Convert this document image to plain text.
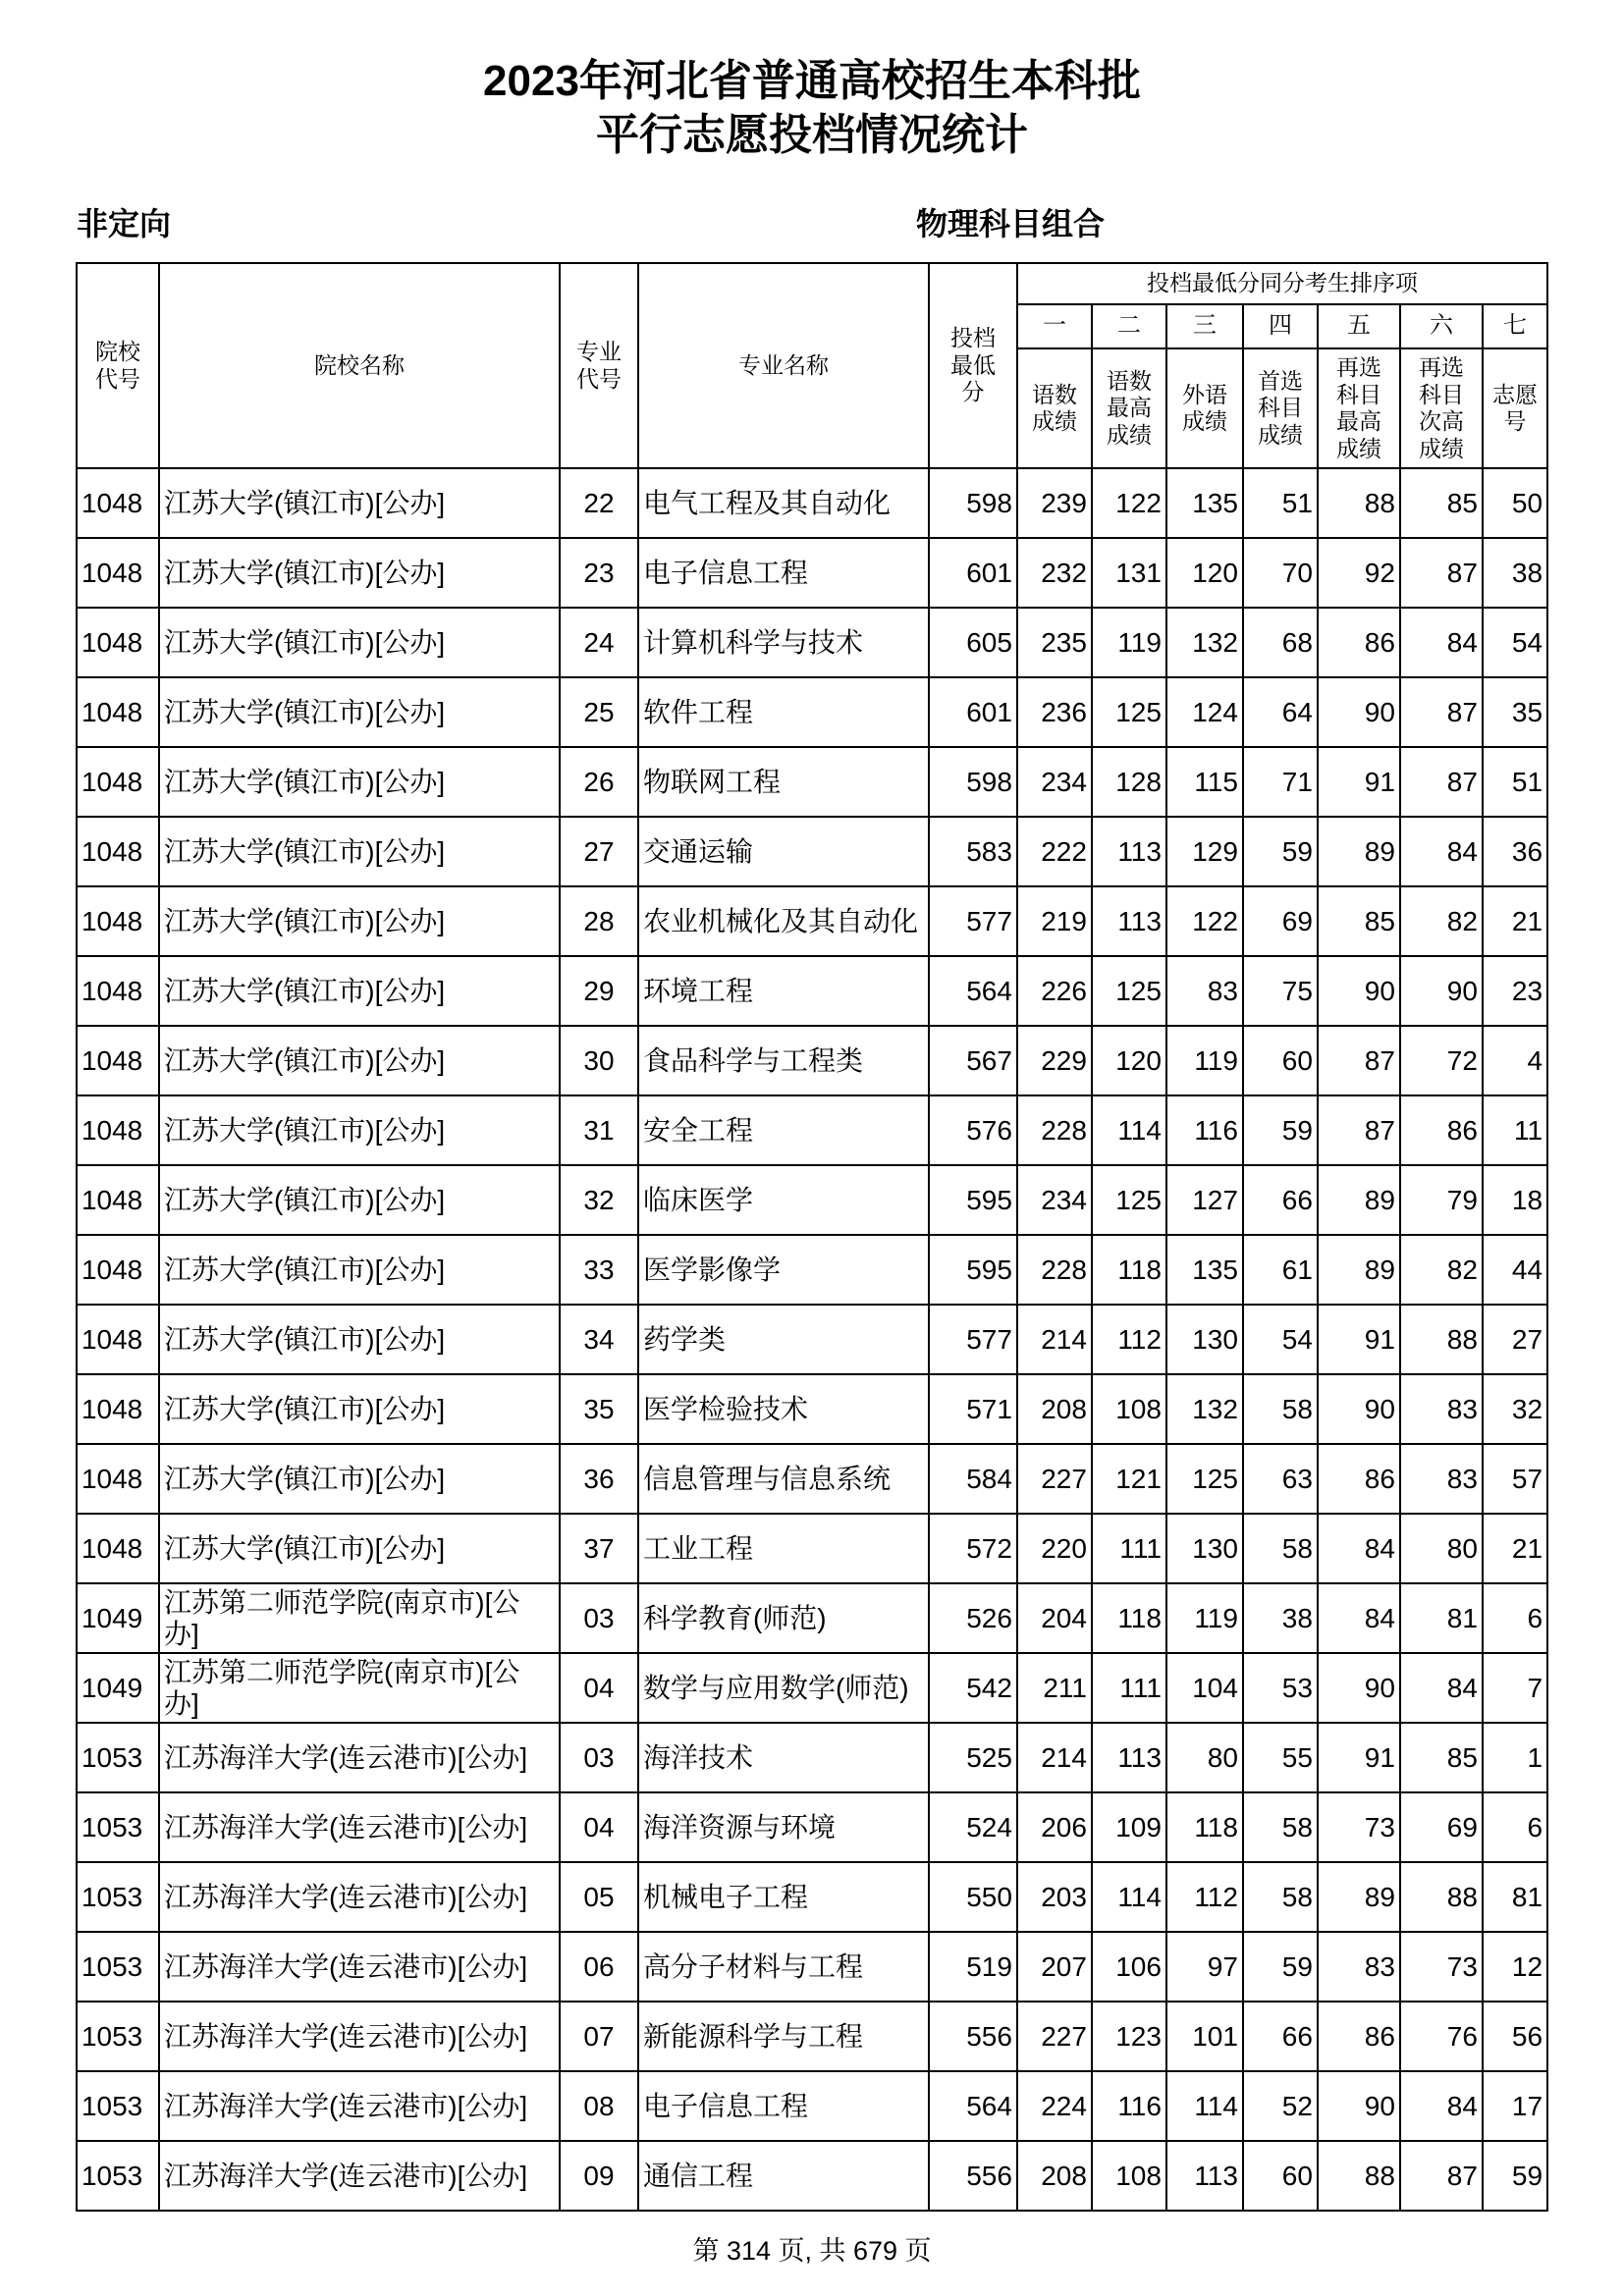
2023年河北省普通高校招生本科批
平行志愿投档情况统计
非定向	物理科目组合
院校代号	院校名称	专业代号	专业名称	投档最低分	投档最低分同分考生排序项						
					一	二	三	四	五	六	七
					语数成绩	语数最高成绩	外语成绩	首选科目成绩	再选科目最高成绩	再选科目次高成绩	志愿号
1048	江苏大学(镇江市)[公办]	22	电气工程及其自动化	598	239	122	135	51	88	85	50
1048	江苏大学(镇江市)[公办]	23	电子信息工程	601	232	131	120	70	92	87	38
1048	江苏大学(镇江市)[公办]	24	计算机科学与技术	605	235	119	132	68	86	84	54
1048	江苏大学(镇江市)[公办]	25	软件工程	601	236	125	124	64	90	87	35
1048	江苏大学(镇江市)[公办]	26	物联网工程	598	234	128	115	71	91	87	51
1048	江苏大学(镇江市)[公办]	27	交通运输	583	222	113	129	59	89	84	36
1048	江苏大学(镇江市)[公办]	28	农业机械化及其自动化	577	219	113	122	69	85	82	21
1048	江苏大学(镇江市)[公办]	29	环境工程	564	226	125	83	75	90	90	23
1048	江苏大学(镇江市)[公办]	30	食品科学与工程类	567	229	120	119	60	87	72	4
1048	江苏大学(镇江市)[公办]	31	安全工程	576	228	114	116	59	87	86	11
1048	江苏大学(镇江市)[公办]	32	临床医学	595	234	125	127	66	89	79	18
1048	江苏大学(镇江市)[公办]	33	医学影像学	595	228	118	135	61	89	82	44
1048	江苏大学(镇江市)[公办]	34	药学类	577	214	112	130	54	91	88	27
1048	江苏大学(镇江市)[公办]	35	医学检验技术	571	208	108	132	58	90	83	32
1048	江苏大学(镇江市)[公办]	36	信息管理与信息系统	584	227	121	125	63	86	83	57
1048	江苏大学(镇江市)[公办]	37	工业工程	572	220	111	130	58	84	80	21
1049	江苏第二师范学院(南京市)[公办]	03	科学教育(师范)	526	204	118	119	38	84	81	6
1049	江苏第二师范学院(南京市)[公办]	04	数学与应用数学(师范)	542	211	111	104	53	90	84	7
1053	江苏海洋大学(连云港市)[公办]	03	海洋技术	525	214	113	80	55	91	85	1
1053	江苏海洋大学(连云港市)[公办]	04	海洋资源与环境	524	206	109	118	58	73	69	6
1053	江苏海洋大学(连云港市)[公办]	05	机械电子工程	550	203	114	112	58	89	88	81
1053	江苏海洋大学(连云港市)[公办]	06	高分子材料与工程	519	207	106	97	59	83	73	12
1053	江苏海洋大学(连云港市)[公办]	07	新能源科学与工程	556	227	123	101	66	86	76	56
1053	江苏海洋大学(连云港市)[公办]	08	电子信息工程	564	224	116	114	52	90	84	17
1053	江苏海洋大学(连云港市)[公办]	09	通信工程	556	208	108	113	60	88	87	59
第 314 页, 共 679 页
